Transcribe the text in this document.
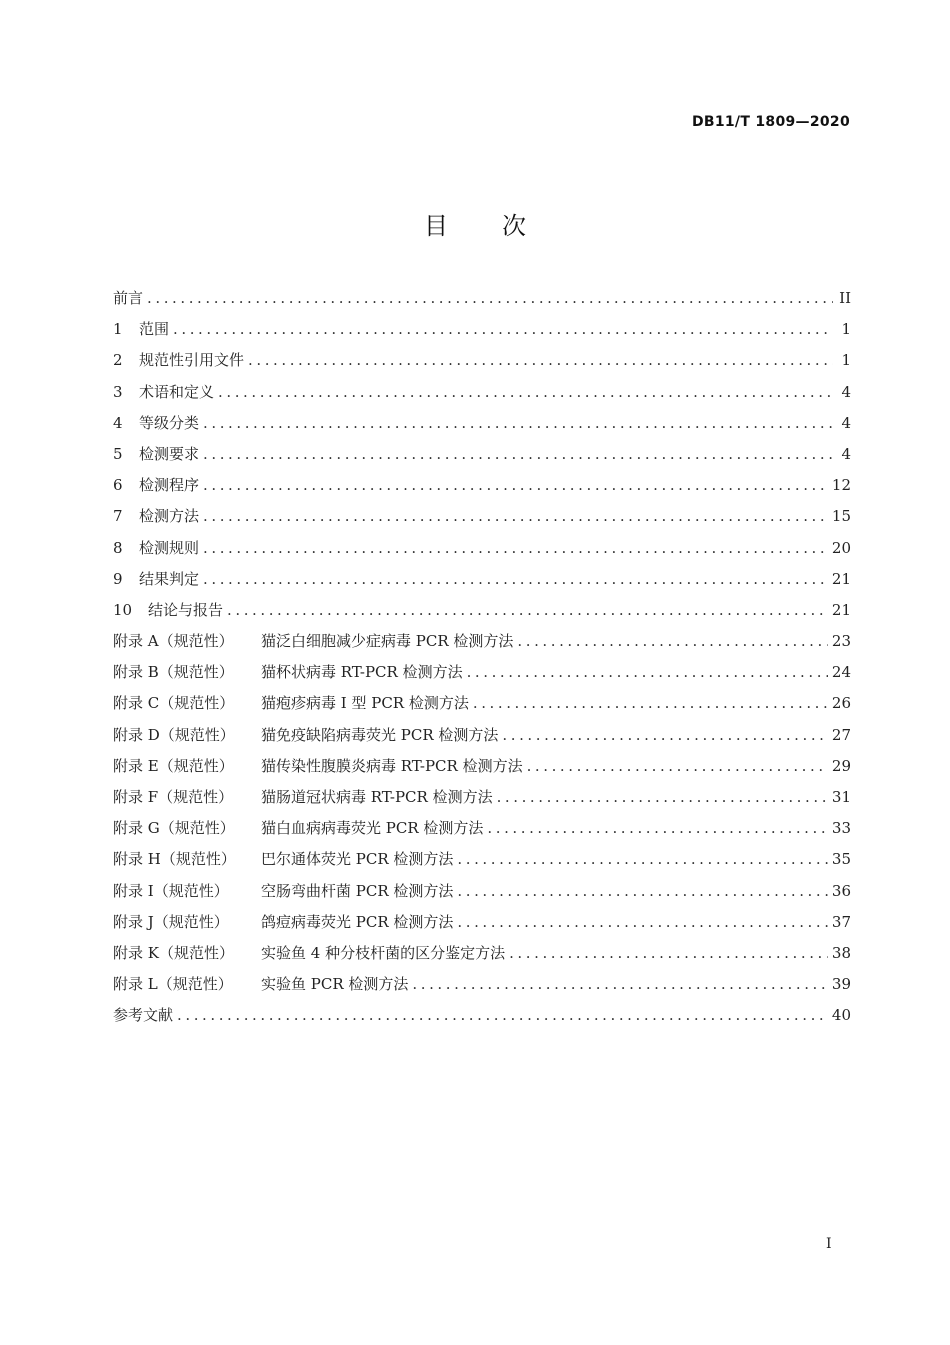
DB11/T 1809—2020
目 次
前言 . . .	II
1	范围 . . .	1
2	规范性引用文件 . . .	1
3	术语和定义 . . .	4
4	等级分类 . . .	4
5	检测要求 . . .	4
6	检测程序 . . .	12
7	检测方法 . . .	15
8	检测规则 . . .	20
9	结果判定 . . .	21
10	结论与报告 . . .	21
附录 A（规范性）	猫泛白细胞减少症病毒 PCR 检测方法 . . .	23
附录 B（规范性）	猫杯状病毒 RT-PCR 检测方法 . . .	24
附录 C（规范性）	猫疱疹病毒 I 型 PCR 检测方法 . . .	26
附录 D（规范性）	猫免疫缺陷病毒荧光 PCR 检测方法 . . .	27
附录 E（规范性）	猫传染性腹膜炎病毒 RT-PCR 检测方法 . . .	29
附录 F（规范性）	猫肠道冠状病毒 RT-PCR 检测方法 . . .	31
附录 G（规范性）	猫白血病病毒荧光 PCR 检测方法 . . .	33
附录 H（规范性）	巴尔通体荧光 PCR 检测方法 . . .	35
附录 I（规范性）	空肠弯曲杆菌 PCR 检测方法 . . .	36
附录 J（规范性）	鸽痘病毒荧光 PCR 检测方法 . . .	37
附录 K（规范性）	实验鱼 4 种分枝杆菌的区分鉴定方法 . . .	38
附录 L（规范性）	实验鱼 PCR 检测方法 . . .	39
参考文献 . . .	40
I
